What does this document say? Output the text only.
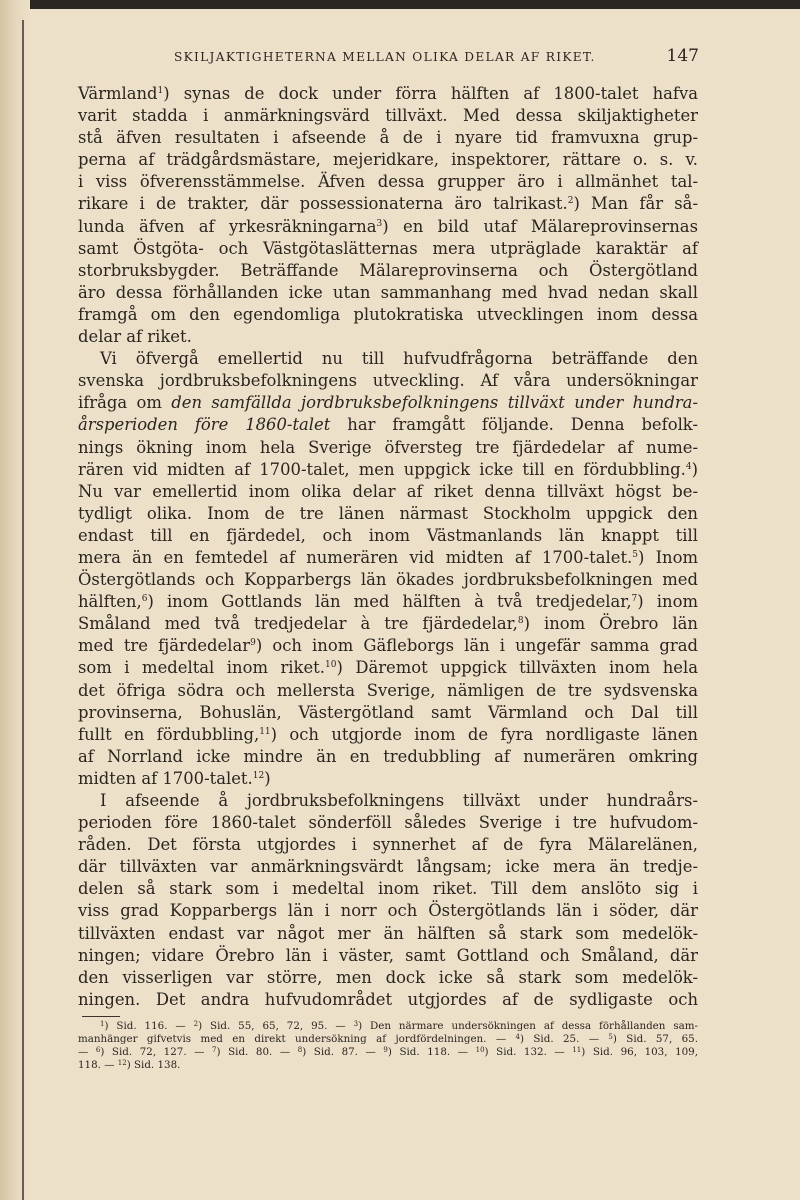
SKILJAKTIGHETERNA MELLAN OLIKA DELAR AF RIKET.	147
Värmland$^1$) synas de dock under förra hälften af 1800-talet hafva
varit stadda i anmärkningsvärd tillväxt. Med dessa skiljaktigheter
stå äfven resultaten i afseende å de i nyare tid framvuxna grup-
perna af trädgårdsmästare, mejeridkare, inspektorer, rättare o. s. v.
i viss öfverensstämmelse. Äfven dessa grupper äro i allmänhet tal-
rikare i de trakter, där possessionaterna äro talrikast.$^2$) Man får så-
lunda äfven af yrkesräkningarna$^3$) en bild utaf Mälareprovinsernas
samt Östgöta- och Västgötaslätternas mera utpräglade karaktär af
storbruksbygder. Beträffande Mälareprovinserna och Östergötland
äro dessa förhållanden icke utan sammanhang med hvad nedan skall
framgå om den egendomliga plutokratiska utvecklingen inom dessa
delar af riket.
Vi öfvergå emellertid nu till hufvudfrågorna beträffande den
svenska jordbruksbefolkningens utveckling. Af våra undersökningar
ifråga om den samfällda jordbruksbefolkningens tillväxt under hundra-
årsperioden före 1860-talet har framgått följande. Denna befolk-
nings ökning inom hela Sverige öfversteg tre fjärdedelar af nume-
rären vid midten af 1700-talet, men uppgick icke till en fördubbling.$^4$)
Nu var emellertid inom olika delar af riket denna tillväxt högst be-
tydligt olika. Inom de tre länen närmast Stockholm uppgick den
endast till en fjärdedel, och inom Västmanlands län knappt till
mera än en femtedel af numerären vid midten af 1700-talet.$^5$) Inom
Östergötlands och Kopparbergs län ökades jordbruksbefolkningen med
hälften,$^6$) inom Gottlands län med hälften à två tredjedelar,$^7$) inom
Småland med två tredjedelar à tre fjärdedelar,$^8$) inom Örebro län
med tre fjärdedelar$^9$) och inom Gäfleborgs län i ungefär samma grad
som i medeltal inom riket.$^{10}$) Däremot uppgick tillväxten inom hela
det öfriga södra och mellersta Sverige, nämligen de tre sydsvenska
provinserna, Bohuslän, Västergötland samt Värmland och Dal till
fullt en fördubbling,$^{11}$) och utgjorde inom de fyra nordligaste länen
af Norrland icke mindre än en tredubbling af numerären omkring
midten af 1700-talet.$^{12}$)
I afseende å jordbruksbefolkningens tillväxt under hundraårs-
perioden före 1860-talet sönderföll således Sverige i tre hufvudom-
råden. Det första utgjordes i synnerhet af de fyra Mälarelänen,
där tillväxten var anmärkningsvärdt långsam; icke mera än tredje-
delen så stark som i medeltal inom riket. Till dem anslöto sig i
viss grad Kopparbergs län i norr och Östergötlands län i söder, där
tillväxten endast var något mer än hälften så stark som medelök-
ningen; vidare Örebro län i väster, samt Gottland och Småland, där
den visserligen var större, men dock icke så stark som medelök-
ningen. Det andra hufvudområdet utgjordes af de sydligaste och
$^1$) Sid. 116. — $^2$) Sid. 55, 65, 72, 95. — $^3$) Den närmare undersökningen af dessa förhållanden sam-
manhänger gifvetvis med en direkt undersökning af jordfördelningen. — $^4$) Sid. 25. — $^5$) Sid. 57, 65.
— $^6$) Sid. 72, 127. — $^7$) Sid. 80. — $^8$) Sid. 87. — $^9$) Sid. 118. — $^{10}$) Sid. 132. — $^{11}$) Sid. 96, 103, 109,
118. — $^{12}$) Sid. 138.
